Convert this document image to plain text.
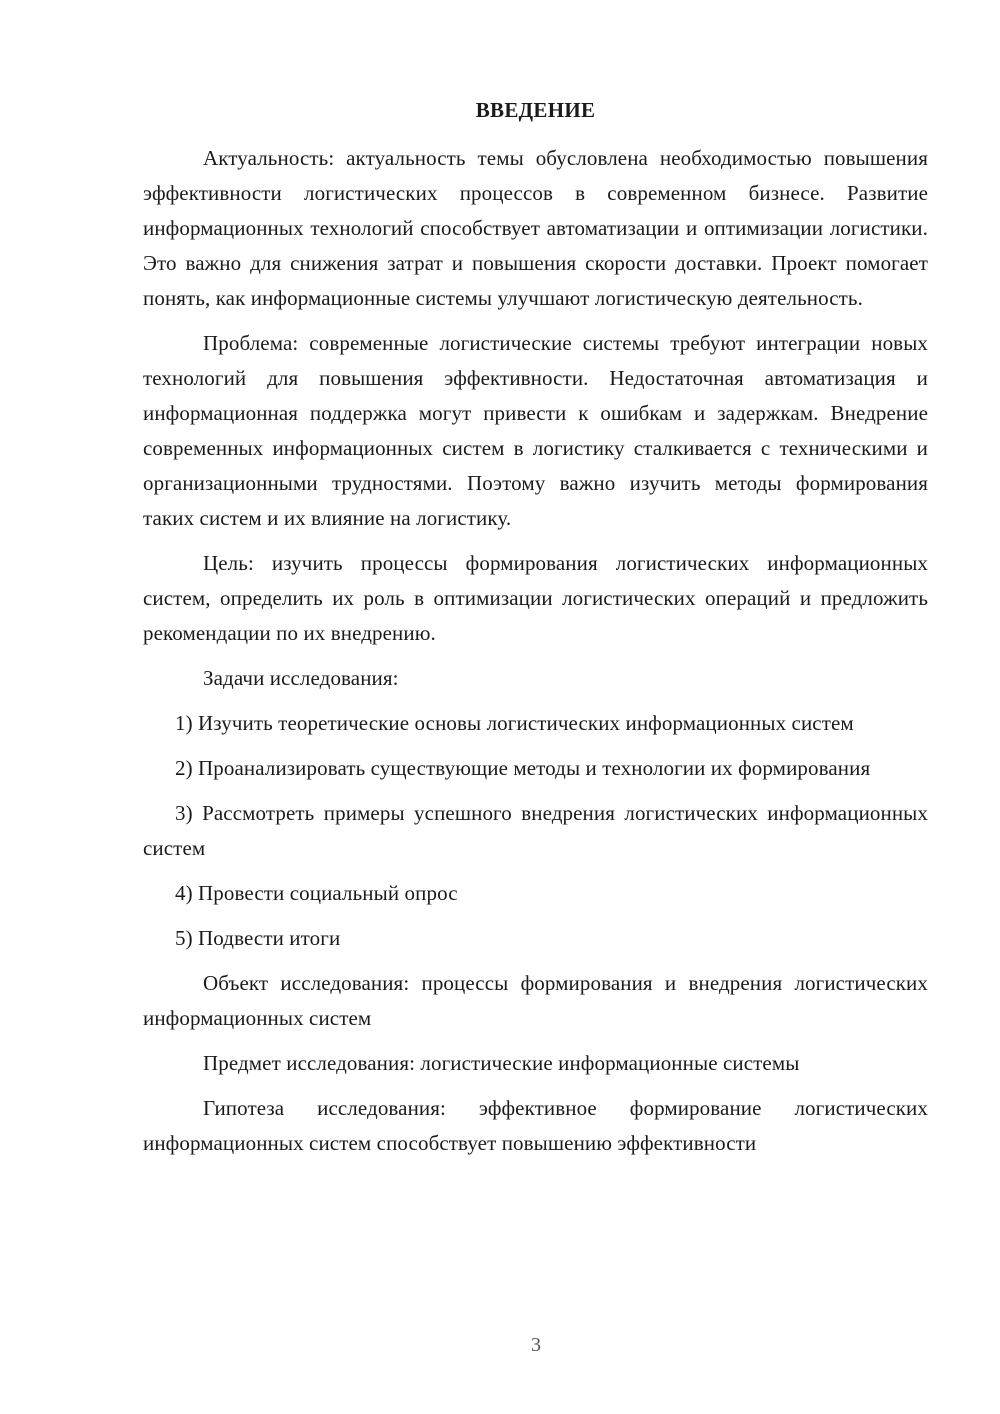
ВВЕДЕНИЕ

Актуальность: актуальность темы обусловлена необходимостью повышения эффективности логистических процессов в современном бизнесе. Развитие информационных технологий способствует автоматизации и оптимизации логистики. Это важно для снижения затрат и повышения скорости доставки. Проект помогает понять, как информационные системы улучшают логистическую деятельность.

Проблема: современные логистические системы требуют интеграции новых технологий для повышения эффективности. Недостаточная автоматизация и информационная поддержка могут привести к ошибкам и задержкам. Внедрение современных информационных систем в логистику сталкивается с техническими и организационными трудностями. Поэтому важно изучить методы формирования таких систем и их влияние на логистику.

Цель: изучить процессы формирования логистических информационных систем, определить их роль в оптимизации логистических операций и предложить рекомендации по их внедрению.

Задачи исследования:

1) Изучить теоретические основы логистических информационных систем

2) Проанализировать существующие методы и технологии их формирования

3) Рассмотреть примеры успешного внедрения логистических информационных систем

4) Провести социальный опрос

5) Подвести итоги

Объект исследования: процессы формирования и внедрения логистических информационных систем

Предмет исследования: логистические информационные системы

Гипотеза исследования: эффективное формирование логистических информационных систем способствует повышению эффективности

3
